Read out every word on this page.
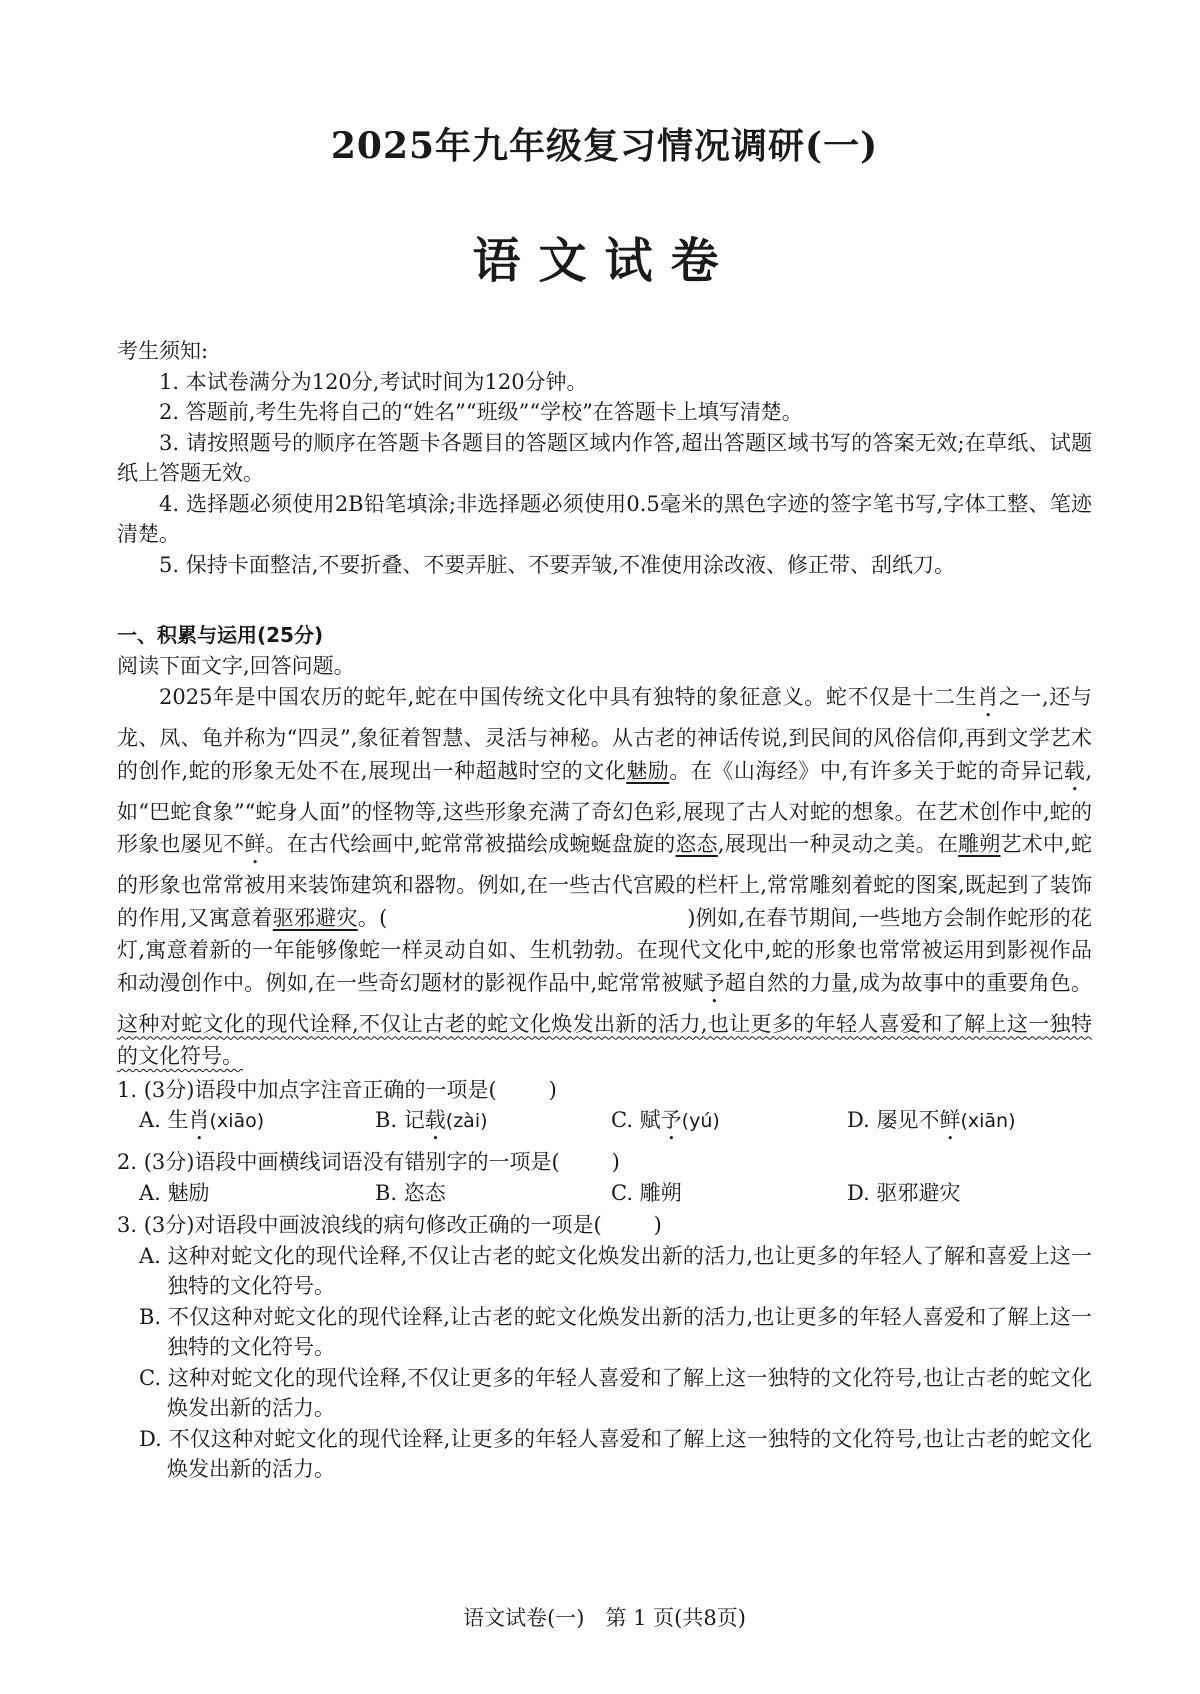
2025年九年级复习情况调研(一)
语文试卷
考生须知:
1. 本试卷满分为120分,考试时间为120分钟。
2. 答题前,考生先将自己的“姓名”“班级”“学校”在答题卡上填写清楚。
3. 请按照题号的顺序在答题卡各题目的答题区域内作答,超出答题区域书写的答案无效;在草纸、试题纸上答题无效。
4. 选择题必须使用2B铅笔填涂;非选择题必须使用0.5毫米的黑色字迹的签字笔书写,字体工整、笔迹清楚。
5. 保持卡面整洁,不要折叠、不要弄脏、不要弄皱,不准使用涂改液、修正带、刮纸刀。
一、积累与运用(25分)
阅读下面文字,回答问题。
2025年是中国农历的蛇年,蛇在中国传统文化中具有独特的象征意义。蛇不仅是十二生肖之一,还与龙、凤、龟并称为“四灵”,象征着智慧、灵活与神秘。从古老的神话传说,到民间的风俗信仰,再到文学艺术的创作,蛇的形象无处不在,展现出一种超越时空的文化魅励。在《山海经》中,有许多关于蛇的奇异记载,如“巴蛇食象”“蛇身人面”的怪物等,这些形象充满了奇幻色彩,展现了古人对蛇的想象。在艺术创作中,蛇的形象也屡见不鲜。在古代绘画中,蛇常常被描绘成蜿蜒盘旋的恣态,展现出一种灵动之美。在雕朔艺术中,蛇的形象也常常被用来装饰建筑和器物。例如,在一些古代宫殿的栏杆上,常常雕刻着蛇的图案,既起到了装饰的作用,又寓意着驱邪避灾。(	)例如,在春节期间,一些地方会制作蛇形的花灯,寓意着新的一年能够像蛇一样灵动自如、生机勃勃。在现代文化中,蛇的形象也常常被运用到影视作品和动漫创作中。例如,在一些奇幻题材的影视作品中,蛇常常被赋予超自然的力量,成为故事中的重要角色。这种对蛇文化的现代诠释,不仅让古老的蛇文化焕发出新的活力,也让更多的年轻人喜爱和了解上这一独特的文化符号。
1. (3分)语段中加点字注音正确的一项是( )
A. 生肖(xiāo)	B. 记载(zài)	C. 赋予(yú)	D. 屡见不鲜(xiān)
2. (3分)语段中画横线词语没有错别字的一项是( )
A. 魅励	B. 恣态	C. 雕朔	D. 驱邪避灾
3. (3分)对语段中画波浪线的病句修改正确的一项是( )
A. 这种对蛇文化的现代诠释,不仅让古老的蛇文化焕发出新的活力,也让更多的年轻人了解和喜爱上这一独特的文化符号。
B. 不仅这种对蛇文化的现代诠释,让古老的蛇文化焕发出新的活力,也让更多的年轻人喜爱和了解上这一独特的文化符号。
C. 这种对蛇文化的现代诠释,不仅让更多的年轻人喜爱和了解上这一独特的文化符号,也让古老的蛇文化焕发出新的活力。
D. 不仅这种对蛇文化的现代诠释,让更多的年轻人喜爱和了解上这一独特的文化符号,也让古老的蛇文化焕发出新的活力。
语文试卷(一)　第 1 页(共8页)
